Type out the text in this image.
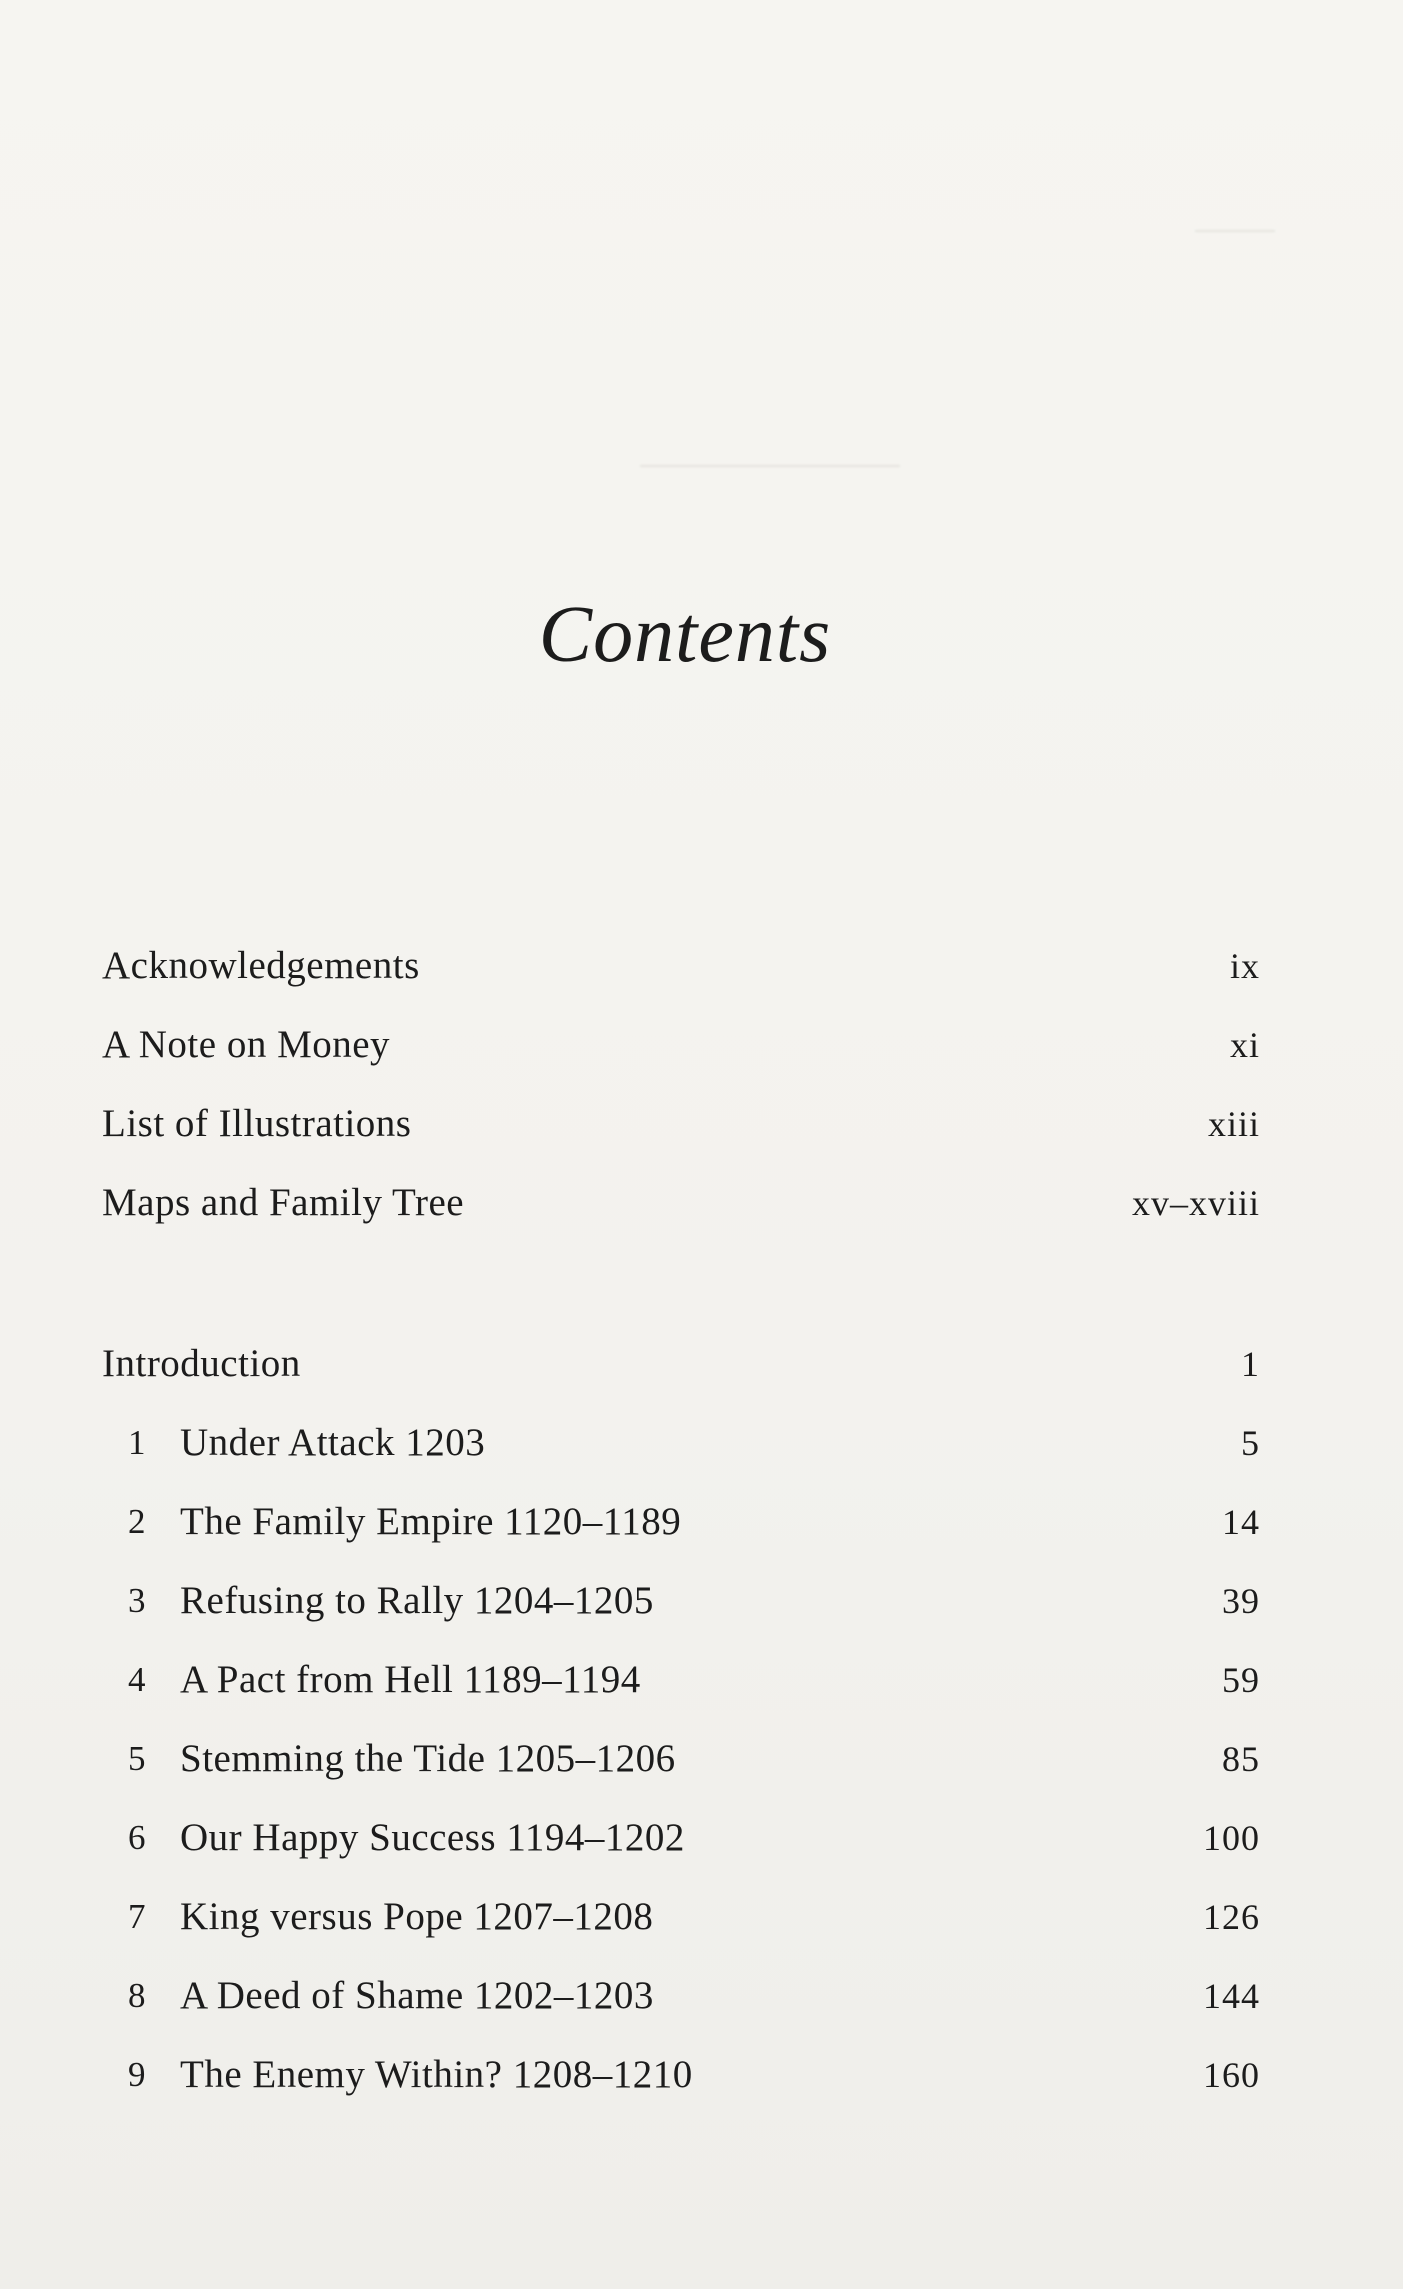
Contents
Acknowledgements	ix
A Note on Money	xi
List of Illustrations	xiii
Maps and Family Tree	xv–xviii
Introduction	1
1 Under Attack 1203	5
2 The Family Empire 1120–1189	14
3 Refusing to Rally 1204–1205	39
4 A Pact from Hell 1189–1194	59
5 Stemming the Tide 1205–1206	85
6 Our Happy Success 1194–1202	100
7 King versus Pope 1207–1208	126
8 A Deed of Shame 1202–1203	144
9 The Enemy Within? 1208–1210	160
